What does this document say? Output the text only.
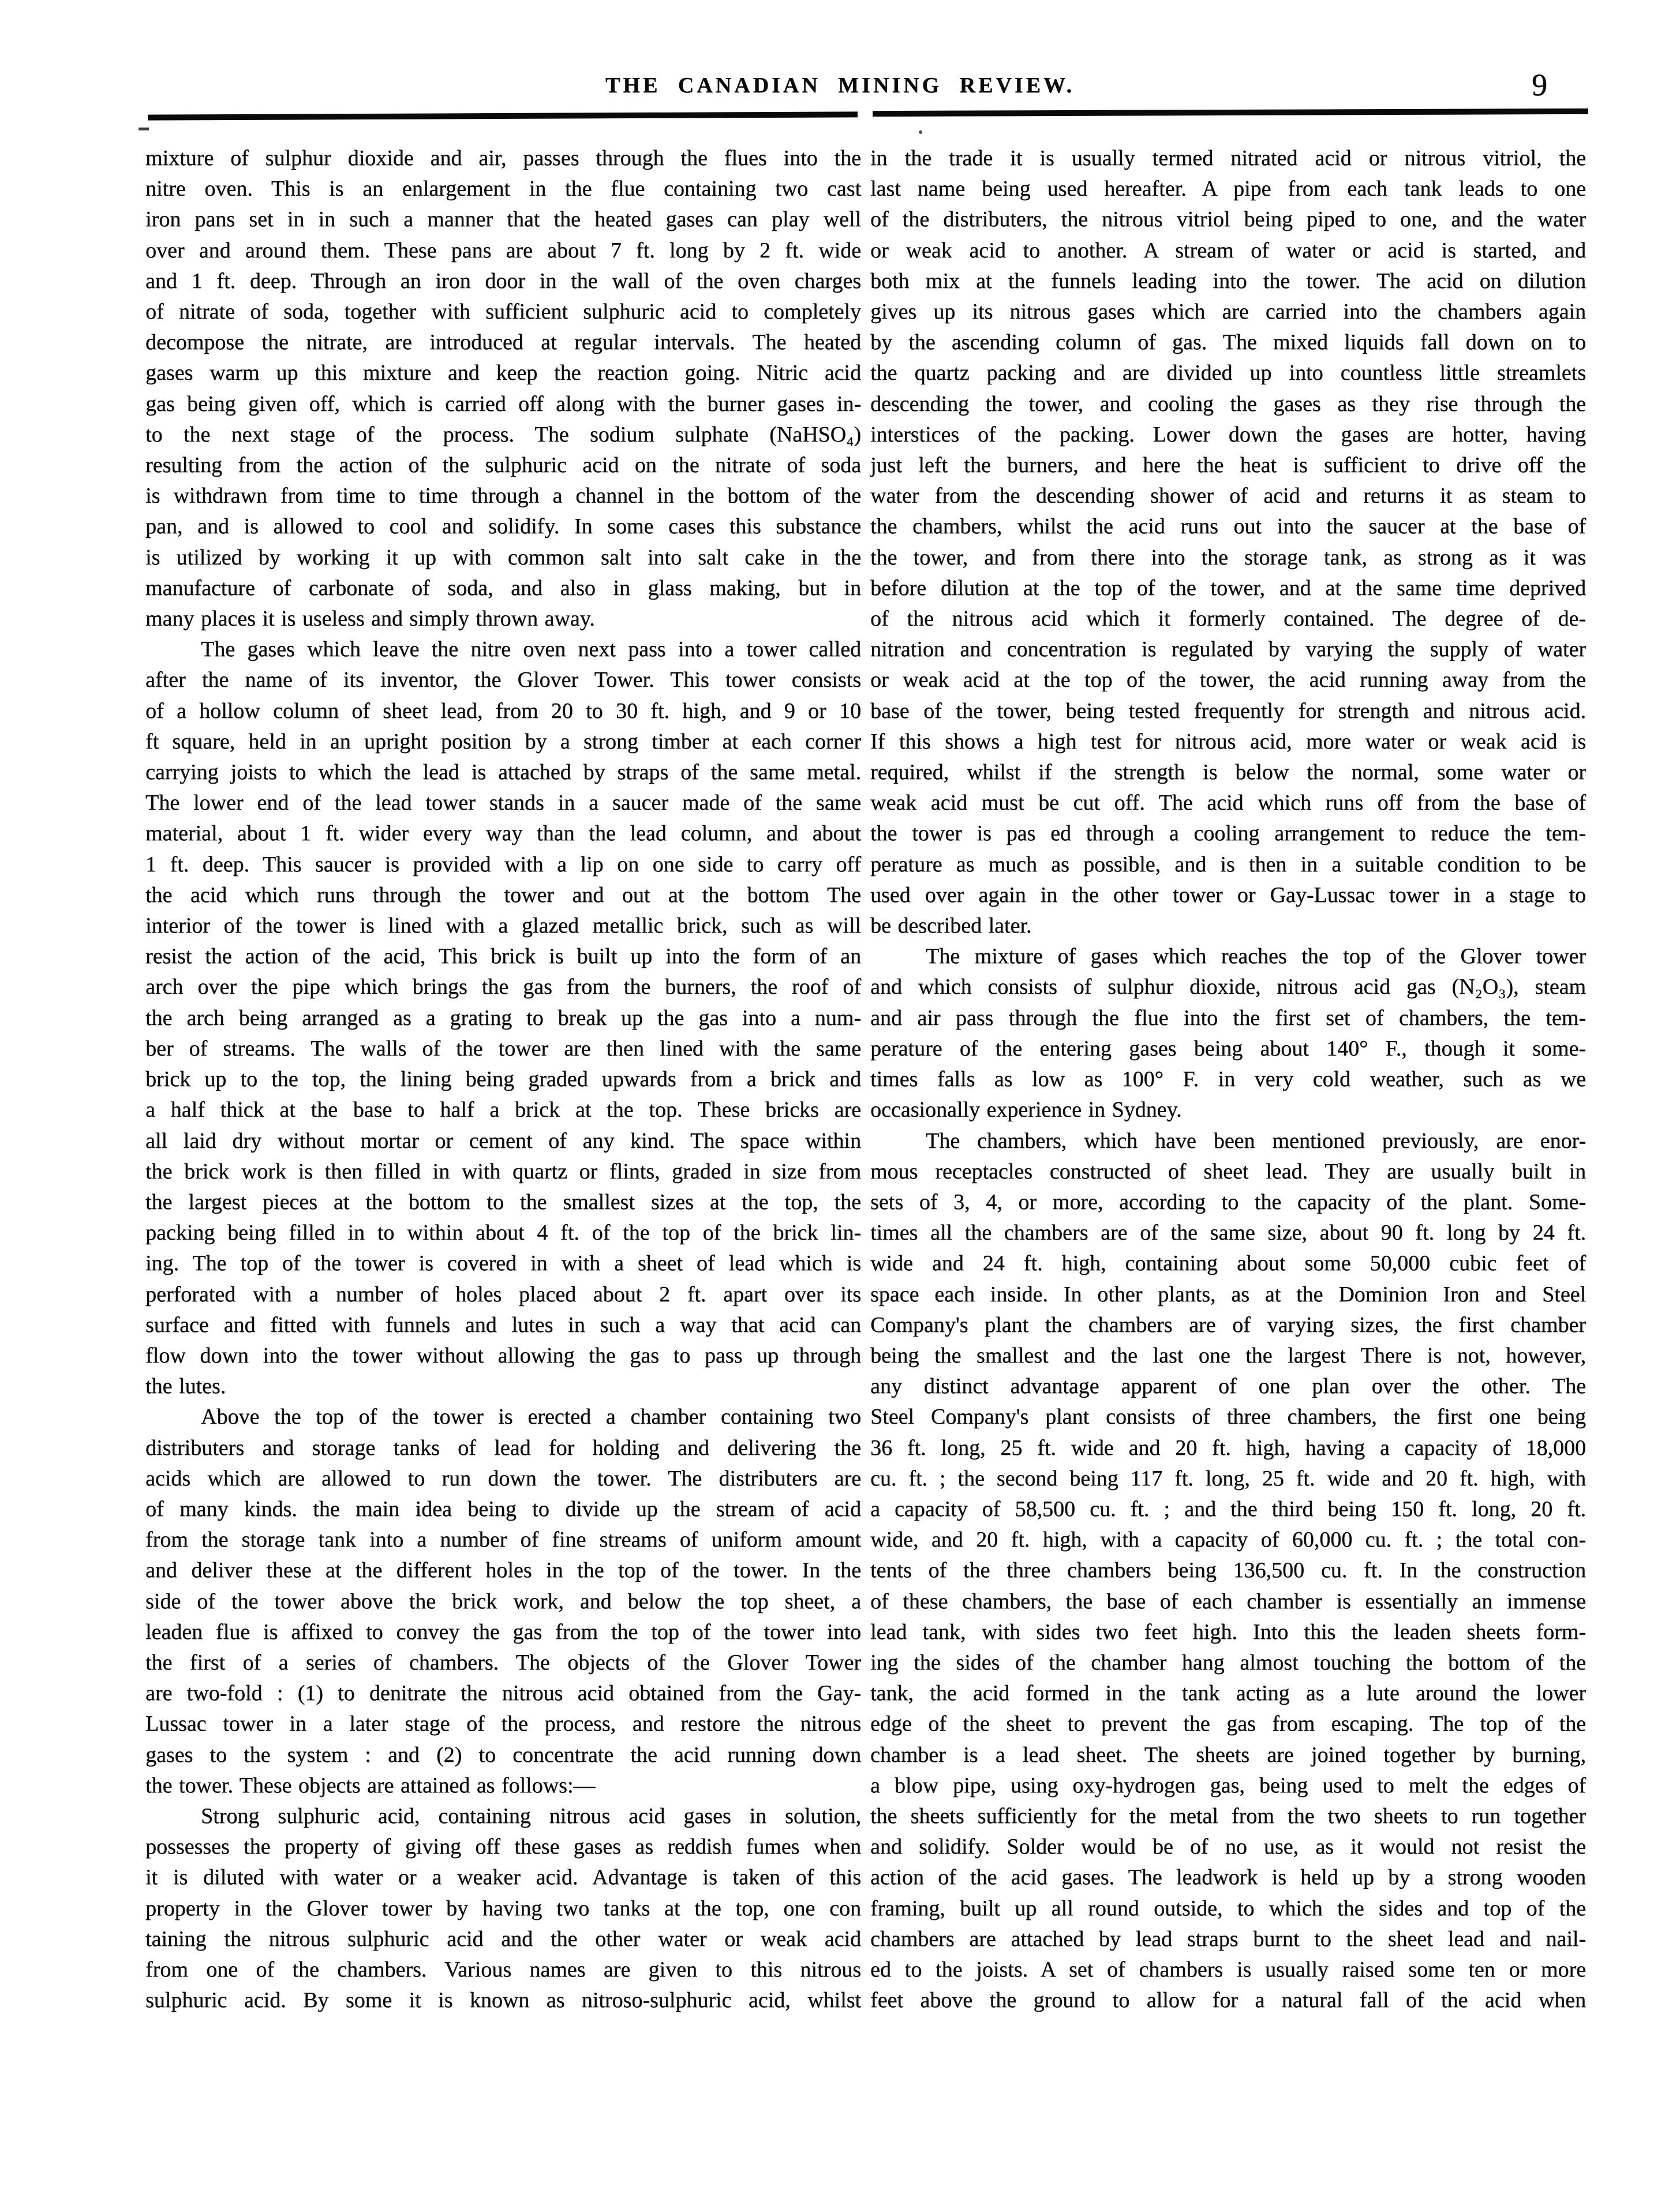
THE CANADIAN MINING REVIEW.	9
mixture of sulphur dioxide and air, passes through the flues into the
nitre oven. This is an enlargement in the flue containing two cast
iron pans set in in such a manner that the heated gases can play well
over and around them. These pans are about 7 ft. long by 2 ft. wide
and 1 ft. deep. Through an iron door in the wall of the oven charges
of nitrate of soda, together with sufficient sulphuric acid to completely
decompose the nitrate, are introduced at regular intervals. The heated
gases warm up this mixture and keep the reaction going. Nitric acid
gas being given off, which is carried off along with the burner gases in-
to the next stage of the process. The sodium sulphate (NaHSO₄)
resulting from the action of the sulphuric acid on the nitrate of soda
is withdrawn from time to time through a channel in the bottom of the
pan, and is allowed to cool and solidify. In some cases this substance
is utilized by working it up with common salt into salt cake in the
manufacture of carbonate of soda, and also in glass making, but in
many places it is useless and simply thrown away.
The gases which leave the nitre oven next pass into a tower called
after the name of its inventor, the Glover Tower. This tower consists
of a hollow column of sheet lead, from 20 to 30 ft. high, and 9 or 10
ft square, held in an upright position by a strong timber at each corner
carrying joists to which the lead is attached by straps of the same metal.
The lower end of the lead tower stands in a saucer made of the same
material, about 1 ft. wider every way than the lead column, and about
1 ft. deep. This saucer is provided with a lip on one side to carry off
the acid which runs through the tower and out at the bottom The
interior of the tower is lined with a glazed metallic brick, such as will
resist the action of the acid, This brick is built up into the form of an
arch over the pipe which brings the gas from the burners, the roof of
the arch being arranged as a grating to break up the gas into a num-
ber of streams. The walls of the tower are then lined with the same
brick up to the top, the lining being graded upwards from a brick and
a half thick at the base to half a brick at the top. These bricks are
all laid dry without mortar or cement of any kind. The space within
the brick work is then filled in with quartz or flints, graded in size from
the largest pieces at the bottom to the smallest sizes at the top, the
packing being filled in to within about 4 ft. of the top of the brick lin-
ing. The top of the tower is covered in with a sheet of lead which is
perforated with a number of holes placed about 2 ft. apart over its
surface and fitted with funnels and lutes in such a way that acid can
flow down into the tower without allowing the gas to pass up through
the lutes.
Above the top of the tower is erected a chamber containing two
distributers and storage tanks of lead for holding and delivering the
acids which are allowed to run down the tower. The distributers are
of many kinds. the main idea being to divide up the stream of acid
from the storage tank into a number of fine streams of uniform amount
and deliver these at the different holes in the top of the tower. In the
side of the tower above the brick work, and below the top sheet, a
leaden flue is affixed to convey the gas from the top of the tower into
the first of a series of chambers. The objects of the Glover Tower
are two-fold : (1) to denitrate the nitrous acid obtained from the Gay-
Lussac tower in a later stage of the process, and restore the nitrous
gases to the system : and (2) to concentrate the acid running down
the tower. These objects are attained as follows:—
Strong sulphuric acid, containing nitrous acid gases in solution,
possesses the property of giving off these gases as reddish fumes when
it is diluted with water or a weaker acid. Advantage is taken of this
property in the Glover tower by having two tanks at the top, one con
taining the nitrous sulphuric acid and the other water or weak acid
from one of the chambers. Various names are given to this nitrous
sulphuric acid. By some it is known as nitroso-sulphuric acid, whilst
in the trade it is usually termed nitrated acid or nitrous vitriol, the
last name being used hereafter. A pipe from each tank leads to one
of the distributers, the nitrous vitriol being piped to one, and the water
or weak acid to another. A stream of water or acid is started, and
both mix at the funnels leading into the tower. The acid on dilution
gives up its nitrous gases which are carried into the chambers again
by the ascending column of gas. The mixed liquids fall down on to
the quartz packing and are divided up into countless little streamlets
descending the tower, and cooling the gases as they rise through the
interstices of the packing. Lower down the gases are hotter, having
just left the burners, and here the heat is sufficient to drive off the
water from the descending shower of acid and returns it as steam to
the chambers, whilst the acid runs out into the saucer at the base of
the tower, and from there into the storage tank, as strong as it was
before dilution at the top of the tower, and at the same time deprived
of the nitrous acid which it formerly contained. The degree of de-
nitration and concentration is regulated by varying the supply of water
or weak acid at the top of the tower, the acid running away from the
base of the tower, being tested frequently for strength and nitrous acid.
If this shows a high test for nitrous acid, more water or weak acid is
required, whilst if the strength is below the normal, some water or
weak acid must be cut off. The acid which runs off from the base of
the tower is pas ed through a cooling arrangement to reduce the tem-
perature as much as possible, and is then in a suitable condition to be
used over again in the other tower or Gay-Lussac tower in a stage to
be described later.
The mixture of gases which reaches the top of the Glover tower
and which consists of sulphur dioxide, nitrous acid gas (N₂O₃), steam
and air pass through the flue into the first set of chambers, the tem-
perature of the entering gases being about 140° F., though it some-
times falls as low as 100° F. in very cold weather, such as we
occasionally experience in Sydney.
The chambers, which have been mentioned previously, are enor-
mous receptacles constructed of sheet lead. They are usually built in
sets of 3, 4, or more, according to the capacity of the plant. Some-
times all the chambers are of the same size, about 90 ft. long by 24 ft.
wide and 24 ft. high, containing about some 50,000 cubic feet of
space each inside. In other plants, as at the Dominion Iron and Steel
Company's plant the chambers are of varying sizes, the first chamber
being the smallest and the last one the largest There is not, however,
any distinct advantage apparent of one plan over the other. The
Steel Company's plant consists of three chambers, the first one being
36 ft. long, 25 ft. wide and 20 ft. high, having a capacity of 18,000
cu. ft. ; the second being 117 ft. long, 25 ft. wide and 20 ft. high, with
a capacity of 58,500 cu. ft. ; and the third being 150 ft. long, 20 ft.
wide, and 20 ft. high, with a capacity of 60,000 cu. ft. ; the total con-
tents of the three chambers being 136,500 cu. ft. In the construction
of these chambers, the base of each chamber is essentially an immense
lead tank, with sides two feet high. Into this the leaden sheets form-
ing the sides of the chamber hang almost touching the bottom of the
tank, the acid formed in the tank acting as a lute around the lower
edge of the sheet to prevent the gas from escaping. The top of the
chamber is a lead sheet. The sheets are joined together by burning,
a blow pipe, using oxy-hydrogen gas, being used to melt the edges of
the sheets sufficiently for the metal from the two sheets to run together
and solidify. Solder would be of no use, as it would not resist the
action of the acid gases. The leadwork is held up by a strong wooden
framing, built up all round outside, to which the sides and top of the
chambers are attached by lead straps burnt to the sheet lead and nail-
ed to the joists. A set of chambers is usually raised some ten or more
feet above the ground to allow for a natural fall of the acid when
